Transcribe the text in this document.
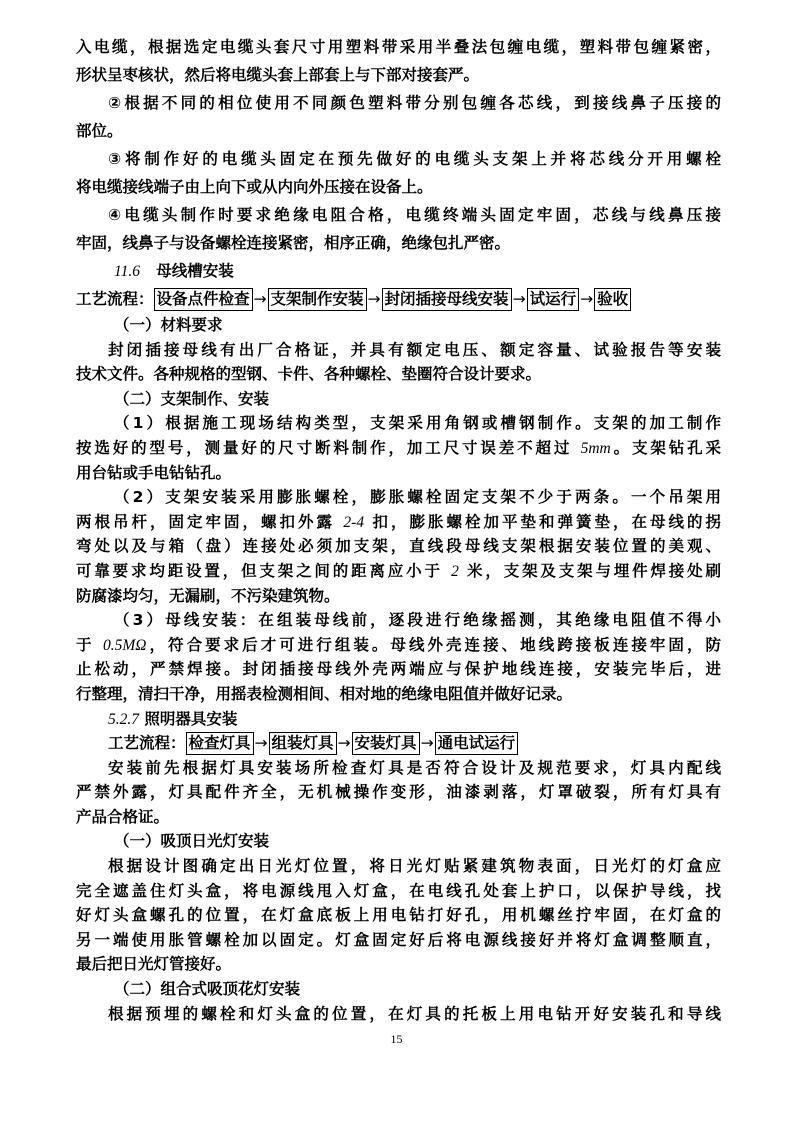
入电缆，根据选定电缆头套尺寸用塑料带采用半叠法包缠电缆，塑料带包缠紧密，
形状呈枣核状，然后将电缆头套上部套上与下部对接套严。
②根据不同的相位使用不同颜色塑料带分别包缠各芯线，到接线鼻子压接的
部位。
③将制作好的电缆头固定在预先做好的电缆头支架上并将芯线分开用螺栓
将电缆接线端子由上向下或从内向外压接在设备上。
④电缆头制作时要求绝缘电阻合格，电缆终端头固定牢固，芯线与线鼻压接
牢固，线鼻子与设备螺栓连接紧密，相序正确，绝缘包扎严密。
11.6 母线槽安装
工艺流程： 设备点件检查 → 支架制作安装 → 封闭插接母线安装 → 试运行 → 验收
（一）材料要求
封闭插接母线有出厂合格证，并具有额定电压、额定容量、试验报告等安装
技术文件。各种规格的型钢、卡件、各种螺栓、垫圈符合设计要求。
（二）支架制作、安装
（1）根据施工现场结构类型，支架采用角钢或槽钢制作。支架的加工制作
按选好的型号，测量好的尺寸断料制作，加工尺寸误差不超过 5mm。支架钻孔采
用台钻或手电钻钻孔。
（2）支架安装采用膨胀螺栓，膨胀螺栓固定支架不少于两条。一个吊架用
两根吊杆，固定牢固，螺扣外露 2-4 扣，膨胀螺栓加平垫和弹簧垫，在母线的拐
弯处以及与箱（盘）连接处必须加支架，直线段母线支架根据安装位置的美观、
可靠要求均距设置，但支架之间的距离应小于 2 米，支架及支架与埋件焊接处刷
防腐漆均匀，无漏刷，不污染建筑物。
（3）母线安装：在组装母线前，逐段进行绝缘摇测，其绝缘电阻值不得小
于 0.5MΩ，符合要求后才可进行组装。母线外壳连接、地线跨接板连接牢固，防
止松动，严禁焊接。封闭插接母线外壳两端应与保护地线连接，安装完毕后，进
行整理，清扫干净，用摇表检测相间、相对地的绝缘电阻值并做好记录。
5.2.7 照明器具安装
工艺流程： 检查灯具 → 组装灯具 → 安装灯具 → 通电试运行
安装前先根据灯具安装场所检查灯具是否符合设计及规范要求，灯具内配线
严禁外露，灯具配件齐全，无机械操作变形，油漆剥落，灯罩破裂，所有灯具有
产品合格证。
（一）吸顶日光灯安装
根据设计图确定出日光灯位置，将日光灯贴紧建筑物表面，日光灯的灯盒应
完全遮盖住灯头盒，将电源线甩入灯盒，在电线孔处套上护口，以保护导线，找
好灯头盒螺孔的位置，在灯盒底板上用电钻打好孔，用机螺丝拧牢固，在灯盒的
另一端使用胀管螺栓加以固定。灯盒固定好后将电源线接好并将灯盒调整顺直，
最后把日光灯管接好。
（二）组合式吸顶花灯安装
根据预埋的螺栓和灯头盒的位置，在灯具的托板上用电钻开好安装孔和导线
15
